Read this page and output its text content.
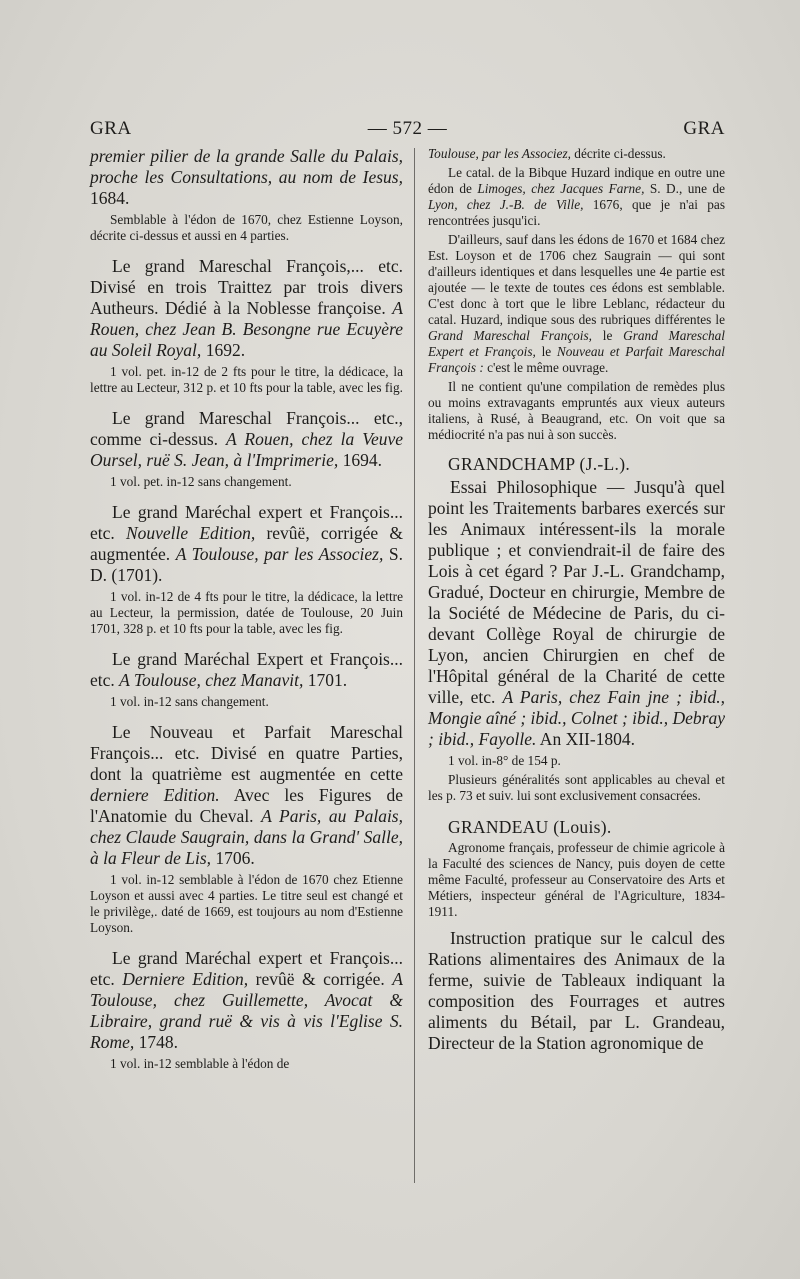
GRA	— 572 —	GRA

premier pilier de la grande Salle du Palais, proche les Consultations, au nom de Iesus, 1684.

Semblable à l'édon de 1670, chez Estienne Loyson, décrite ci-dessus et aussi en 4 parties.

Le grand Mareschal François,... etc. Divisé en trois Traittez par trois divers Autheurs. Dédié à la Noblesse françoise. A Rouen, chez Jean B. Besongne rue Ecuyère au Soleil Royal, 1692.

1 vol. pet. in-12 de 2 fts pour le titre, la dédicace, la lettre au Lecteur, 312 p. et 10 fts pour la table, avec les fig.

Le grand Mareschal François... etc., comme ci-dessus. A Rouen, chez la Veuve Oursel, ruë S. Jean, à l'Imprimerie, 1694.

1 vol. pet. in-12 sans changement.

Le grand Maréchal expert et François... etc. Nouvelle Edition, revûë, corrigée & augmentée. A Toulouse, par les Associez, S. D. (1701).

1 vol. in-12 de 4 fts pour le titre, la dédicace, la lettre au Lecteur, la permission, datée de Toulouse, 20 Juin 1701, 328 p. et 10 fts pour la table, avec les fig.

Le grand Maréchal Expert et François... etc. A Toulouse, chez Manavit, 1701.

1 vol. in-12 sans changement.

Le Nouveau et Parfait Mareschal François... etc. Divisé en quatre Parties, dont la quatrième est augmentée en cette derniere Edition. Avec les Figures de l'Anatomie du Cheval. A Paris, au Palais, chez Claude Saugrain, dans la Grand' Salle, à la Fleur de Lis, 1706.

1 vol. in-12 semblable à l'édon de 1670 chez Etienne Loyson et aussi avec 4 parties. Le titre seul est changé et le privilège,. daté de 1669, est toujours au nom d'Estienne Loyson.

Le grand Maréchal expert et François... etc. Derniere Edition, revûë & corrigée. A Toulouse, chez Guillemette, Avocat & Libraire, grand ruë & vis à vis l'Eglise S. Rome, 1748.

1 vol. in-12 semblable à l'édon de

Toulouse, par les Associez, décrite ci-dessus.

Le catal. de la Bibque Huzard indique en outre une édon de Limoges, chez Jacques Farne, S. D., une de Lyon, chez J.-B. de Ville, 1676, que je n'ai pas rencontrées jusqu'ici.

D'ailleurs, sauf dans les édons de 1670 et 1684 chez Est. Loyson et de 1706 chez Saugrain — qui sont d'ailleurs identiques et dans lesquelles une 4e partie est ajoutée — le texte de toutes ces édons est semblable. C'est donc à tort que le libre Leblanc, rédacteur du catal. Huzard, indique sous des rubriques différentes le Grand Mareschal François, le Grand Mareschal Expert et François, le Nouveau et Parfait Mareschal François : c'est le même ouvrage.

Il ne contient qu'une compilation de remèdes plus ou moins extravagants empruntés aux vieux auteurs italiens, à Rusé, à Beaugrand, etc. On voit que sa médiocrité n'a pas nui à son succès.

GRANDCHAMP (J.-L.).

Essai Philosophique — Jusqu'à quel point les Traitements barbares exercés sur les Animaux intéressent-ils la morale publique ; et conviendrait-il de faire des Lois à cet égard ? Par J.-L. Grandchamp, Gradué, Docteur en chirurgie, Membre de la Société de Médecine de Paris, du ci-devant Collège Royal de chirurgie de Lyon, ancien Chirurgien en chef de l'Hôpital général de la Charité de cette ville, etc. A Paris, chez Fain jne ; ibid., Mongie aîné ; ibid., Colnet ; ibid., Debray ; ibid., Fayolle. An XII-1804.

1 vol. in-8° de 154 p.

Plusieurs généralités sont applicables au cheval et les p. 73 et suiv. lui sont exclusivement consacrées.

GRANDEAU (Louis).

Agronome français, professeur de chimie agricole à la Faculté des sciences de Nancy, puis doyen de cette même Faculté, professeur au Conservatoire des Arts et Métiers, inspecteur général de l'Agriculture, 1834-1911.

Instruction pratique sur le calcul des Rations alimentaires des Animaux de la ferme, suivie de Tableaux indiquant la composition des Fourrages et autres aliments du Bétail, par L. Grandeau, Directeur de la Station agronomique de
